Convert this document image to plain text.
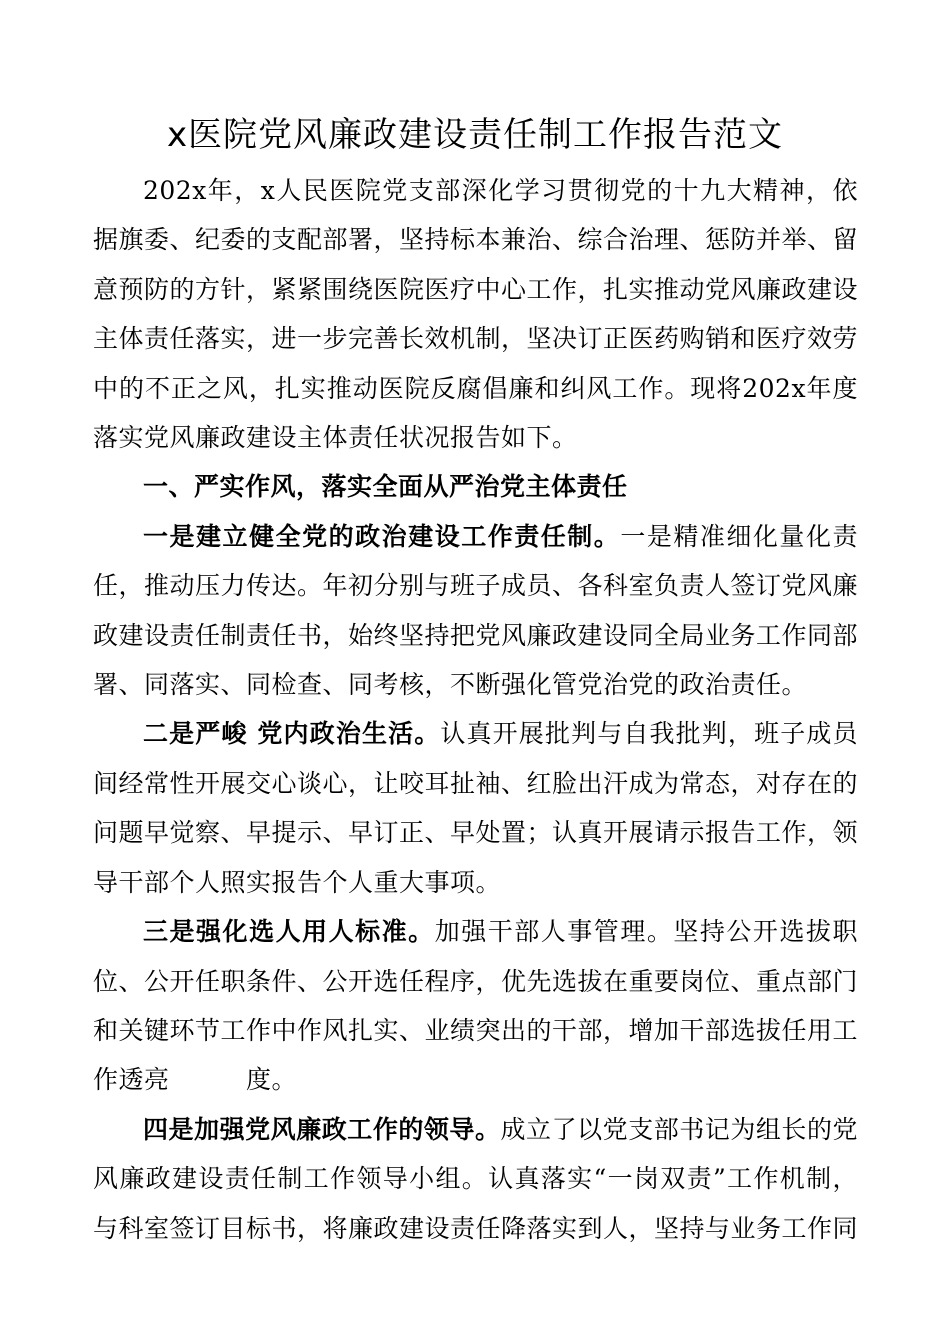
x医院党风廉政建设责任制工作报告范文

202x年，x人民医院党支部深化学习贯彻党的十九大精神，依据旗委、纪委的支配部署，坚持标本兼治、综合治理、惩防并举、留意预防的方针，紧紧围绕医院医疗中心工作，扎实推动党风廉政建设主体责任落实，进一步完善长效机制，坚决订正医药购销和医疗效劳中的不正之风，扎实推动医院反腐倡廉和纠风工作。现将202x年度落实党风廉政建设主体责任状况报告如下。

一、严实作风，落实全面从严治党主体责任

一是建立健全党的政治建设工作责任制。一是精准细化量化责任，推动压力传达。年初分别与班子成员、各科室负责人签订党风廉政建设责任制责任书，始终坚持把党风廉政建设同全局业务工作同部署、同落实、同检查、同考核，不断强化管党治党的政治责任。

二是严峻 党内政治生活。认真开展批判与自我批判，班子成员间经常性开展交心谈心，让咬耳扯袖、红脸出汗成为常态，对存在的问题早觉察、早提示、早订正、早处置；认真开展请示报告工作，领导干部个人照实报告个人重大事项。

三是强化选人用人标准。加强干部人事管理。坚持公开选拔职位、公开任职条件、公开选任程序，优先选拔在重要岗位、重点部门和关键环节工作中作风扎实、业绩突出的干部，增加干部选拔任用工作透亮　　　度。

四是加强党风廉政工作的领导。成立了以党支部书记为组长的党风廉政建设责任制工作领导小组。认真落实“一岗双责”工作机制，与科室签订目标书，将廉政建设责任降落实到人，坚持与业务工作同
